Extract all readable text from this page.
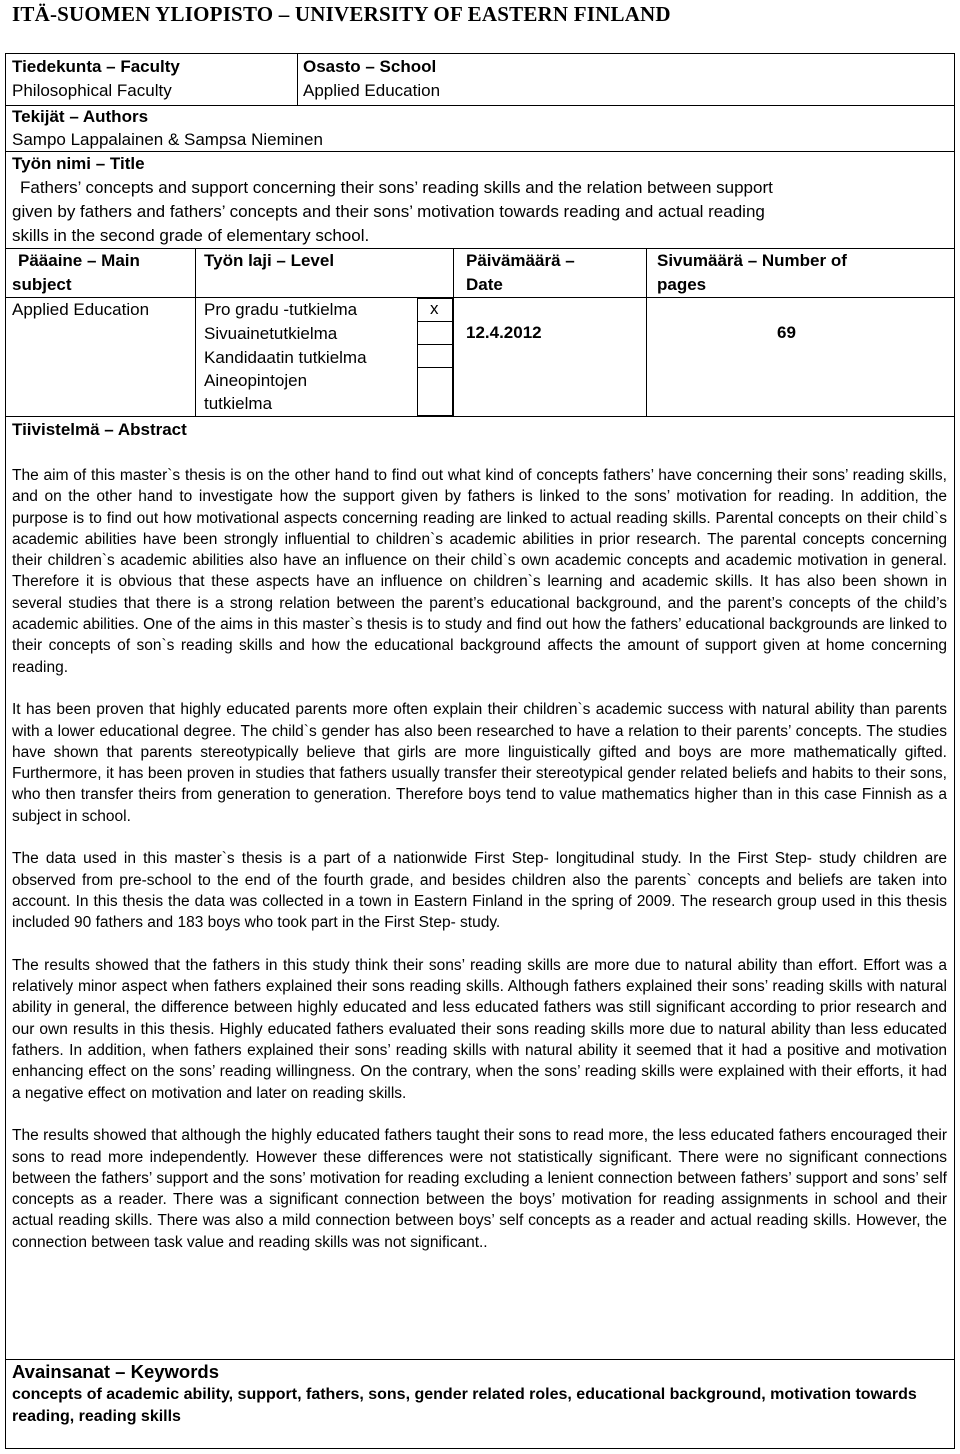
ITÄ-SUOMEN YLIOPISTO – UNIVERSITY OF EASTERN FINLAND
Tiedekunta – Faculty
Philosophical Faculty
Osasto – School
Applied Education
Tekijät – Authors
Sampo Lappalainen & Sampsa Nieminen
Työn nimi – Title
Fathers’ concepts and support concerning their sons’ reading skills and the relation between support
given by fathers and fathers’ concepts and their sons’ motivation towards reading and actual reading
skills in the second grade of elementary school.
Pääaine – Main
subject
Applied Education
Työn laji – Level
Pro gradu -tutkielma
Sivuainetutkielma
Kandidaatin tutkielma
Aineopintojen
tutkielma
x
Päivämäärä –
Date
12.4.2012
Sivumäärä – Number of
pages
69
Tiivistelmä – Abstract

The aim of this master`s thesis is on the other hand to find out what kind of concepts fathers’ have concerning their sons’ reading skills, and on the other hand to investigate how the support given by fathers is linked to the sons’ motivation for reading. In addition, the purpose is to find out how motivational aspects concerning reading are linked to actual reading skills. Parental concepts on their child`s academic abilities have been strongly influential to children`s academic abilities in prior research. The parental concepts concerning their children`s academic abilities also have an influence on their child`s own academic concepts and academic motivation in general. Therefore it is obvious that these aspects have an influence on children`s learning and academic skills. It has also been shown in several studies that there is a strong relation between the parent’s educational background, and the parent’s concepts of the child’s academic abilities. One of the aims in this master`s thesis is to study and find out how the fathers’ educational backgrounds are linked to their concepts of son`s reading skills and how the educational background affects the amount of support given at home concerning reading.

It has been proven that highly educated parents more often explain their children`s academic success with natural ability than parents with a lower educational degree. The child`s gender has also been researched to have a relation to their parents’ concepts. The studies have shown that parents stereotypically believe that girls are more linguistically gifted and boys are more mathematically gifted. Furthermore, it has been proven in studies that fathers usually transfer their stereotypical gender related beliefs and habits to their sons, who then transfer theirs from generation to generation. Therefore boys tend to value mathematics higher than in this case Finnish as a subject in school.

The data used in this master`s thesis is a part of a nationwide First Step- longitudinal study. In the First Step- study children are observed from pre-school to the end of the fourth grade, and besides children also the parents` concepts and beliefs are taken into account. In this thesis the data was collected in a town in Eastern Finland in the spring of 2009. The research group used in this thesis included 90 fathers and 183 boys who took part in the First Step- study.

The results showed that the fathers in this study think their sons’ reading skills are more due to natural ability than effort. Effort was a relatively minor aspect when fathers explained their sons reading skills. Although fathers explained their sons’ reading skills with natural ability in general, the difference between highly educated and less educated fathers was still significant according to prior research and our own results in this thesis. Highly educated fathers evaluated their sons reading skills more due to natural ability than less educated fathers. In addition, when fathers explained their sons’ reading skills with natural ability it seemed that it had a positive and motivation enhancing effect on the sons’ reading willingness. On the contrary, when the sons’ reading skills were explained with their efforts, it had a negative effect on motivation and later on reading skills.

The results showed that although the highly educated fathers taught their sons to read more, the less educated fathers encouraged their sons to read more independently. However these differences were not statistically significant. There were no significant connections between the fathers’ support and the sons’ motivation for reading excluding a lenient connection between fathers’ support and sons’ self concepts as a reader. There was a significant connection between the boys’ motivation for reading assignments in school and their actual reading skills. There was also a mild connection between boys’ self concepts as a reader and actual reading skills. However, the connection between task value and reading skills was not significant..

Avainsanat – Keywords
concepts of academic ability, support, fathers, sons, gender related roles, educational background, motivation towards reading, reading skills
